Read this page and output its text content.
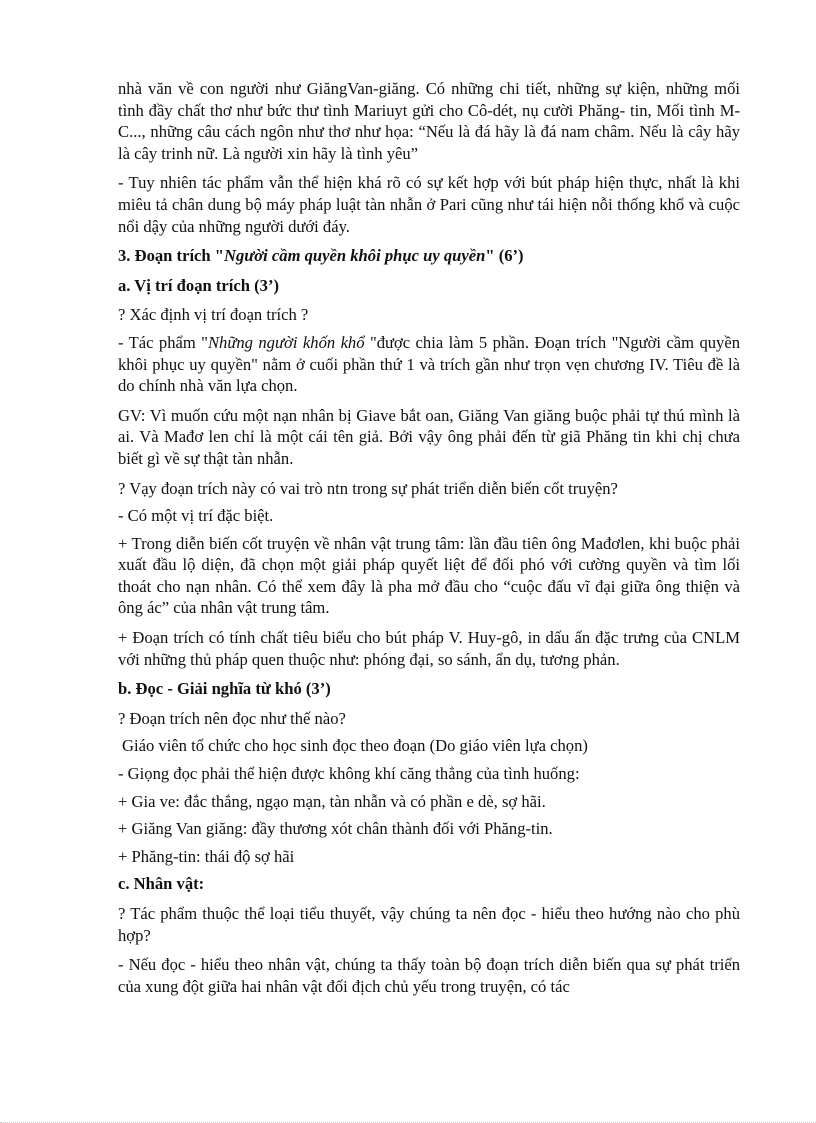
nhà văn về con người như GiăngVan-giăng. Có những chi tiết, những sự kiện, những mối tình đầy chất thơ như bức thư tình Mariuyt gửi cho Cô-dét, nụ cười Phăng- tin, Mối tình M-C..., những câu cách ngôn như thơ như họa: “Nếu là đá hãy là đá nam châm. Nếu là cây hãy là cây trinh nữ. Là người xin hãy là tình yêu”

- Tuy nhiên tác phẩm vẫn thể hiện khá rõ có sự kết hợp với bút pháp hiện thực, nhất là khi miêu tả chân dung bộ máy pháp luật tàn nhẫn ở Pari cũng như tái hiện nỗi thống khổ và cuộc nổi dậy của những người dưới đáy.

3. Đoạn trích "Người cầm quyền khôi phục uy quyền" (6’)
a. Vị trí đoạn trích (3’)

? Xác định vị trí đoạn trích ?

- Tác phẩm "Những người khốn khổ "được chia làm 5 phần. Đoạn trích "Người cầm quyền khôi phục uy quyền" nằm ở cuối phần thứ 1 và trích gần như trọn vẹn chương IV. Tiêu đề là do chính nhà văn lựa chọn.

GV: Vì muốn cứu một nạn nhân bị Giave bắt oan, Giăng Van giăng buộc phải tự thú mình là ai. Và Mađơ len chỉ là một cái tên giả. Bởi vậy ông phải đến từ giã Phăng tin khi chị chưa biết gì về sự thật tàn nhẫn.

? Vạy đoạn trích này có vai trò ntn trong sự phát triển diễn biến cốt truyện?

- Có một vị trí đặc biệt.

+ Trong diễn biến cốt truyện về nhân vật trung tâm: lần đầu tiên ông Mađơlen, khi buộc phải xuất đầu lộ diện, đã chọn một giải pháp quyết liệt để đối phó với cường quyền và tìm lối thoát cho nạn nhân. Có thể xem đây là pha mở đầu cho “cuộc đấu vĩ đại giữa ông thiện và ông ác” của nhân vật trung tâm.

+ Đoạn trích có tính chất tiêu biểu cho bút pháp V. Huy-gô, in dấu ấn đặc trưng của CNLM với những thủ pháp quen thuộc như: phóng đại, so sánh, ẩn dụ, tương phản.

b. Đọc - Giải nghĩa từ khó (3’)

? Đoạn trích nên đọc như thế nào?

Giáo viên tổ chức cho học sinh đọc theo đoạn (Do giáo viên lựa chọn)

- Giọng đọc phải thể hiện được không khí căng thẳng của tình huống:

+ Gia ve: đắc thắng, ngạo mạn, tàn nhẫn và có phần e dè, sợ hãi.

+ Giăng Van giăng: đầy thương xót chân thành đối với Phăng-tin.

+ Phăng-tin: thái độ sợ hãi

c. Nhân vật:

? Tác phẩm thuộc thể loại tiểu thuyết, vậy chúng ta nên đọc - hiểu theo hướng nào cho phù hợp?

- Nếu đọc - hiểu theo nhân vật, chúng ta thấy toàn bộ đoạn trích diễn biến qua sự phát triển của xung đột giữa hai nhân vật đối địch chủ yếu trong truyện, có tác
